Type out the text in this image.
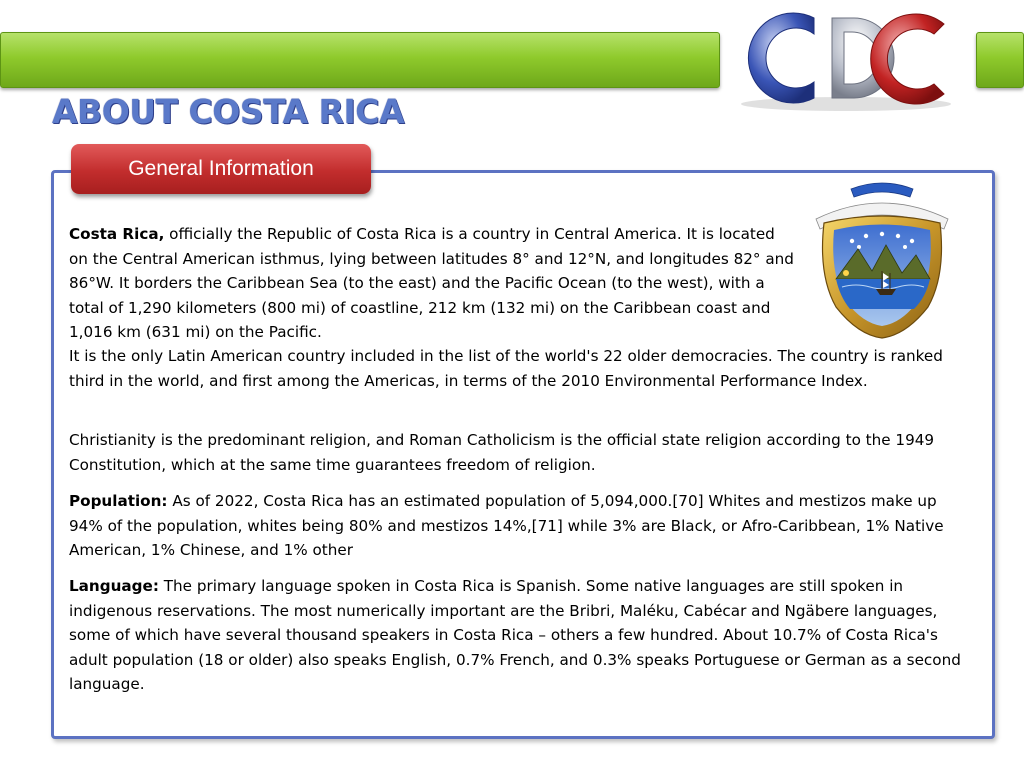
ABOUT COSTA RICA
General Information
Costa Rica, officially the Republic of Costa Rica is a country in Central America. It is located on the Central American isthmus, lying between latitudes 8° and 12°N, and longitudes 82° and 86°W. It borders the Caribbean Sea (to the east) and the Pacific Ocean (to the west), with a total of 1,290 kilometers (800 mi) of coastline, 212 km (132 mi) on the Caribbean coast and 1,016 km (631 mi) on the Pacific.
It is the only Latin American country included in the list of the world's 22 older democracies. The country is ranked third in the world, and first among the Americas, in terms of the 2010 Environmental Performance Index.
Christianity is the predominant religion, and Roman Catholicism is the official state religion according to the 1949 Constitution, which at the same time guarantees freedom of religion.
Population: As of 2022, Costa Rica has an estimated population of 5,094,000.[70] Whites and mestizos make up 94% of the population, whites being 80% and mestizos 14%,[71] while 3% are Black, or Afro-Caribbean, 1% Native American, 1% Chinese, and 1% other
Language: The primary language spoken in Costa Rica is Spanish. Some native languages are still spoken in indigenous reservations. The most numerically important are the Bribri, Maléku, Cabécar and Ngäbere languages, some of which have several thousand speakers in Costa Rica – others a few hundred. About 10.7% of Costa Rica's adult population (18 or older) also speaks English, 0.7% French, and 0.3% speaks Portuguese or German as a second language.
